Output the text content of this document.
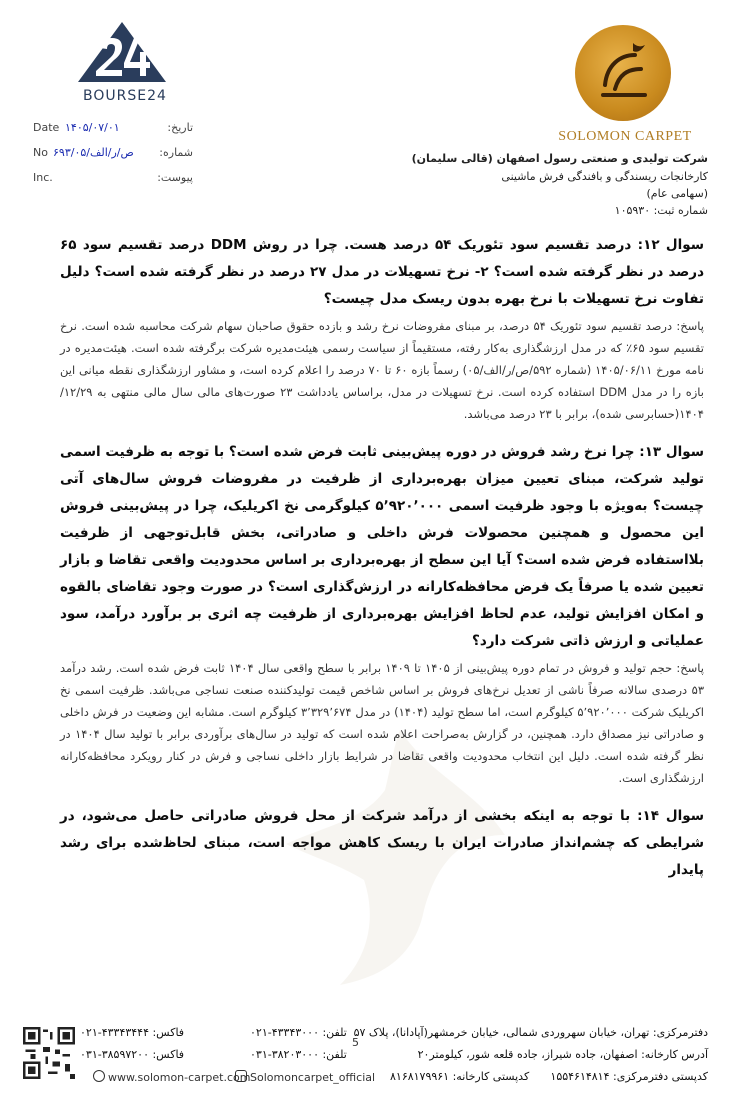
BOURSE24
Date ۱۴۰۵/۰۷/۰۱	تاریخ:
No ۶۹۳/ص/ر/الف/۰۵ شماره:
Inc.	پیوست:
SOLOMON CARPET
شرکت تولیدی و صنعتی رسول اصفهان (قالی سلیمان)
کارخانجات ریسندگی و بافندگی فرش ماشینی
(سهامی عام)
شماره ثبت: ۱۰۵۹۳۰

سوال ۱۲: درصد تقسیم سود تئوریک ۵۴ درصد هست. چرا در روش DDM درصد تقسیم سود ۶۵ درصد در نظر گرفته شده است؟ ۲- نرخ تسهیلات در مدل ۲۷ درصد در نظر گرفته شده است؟ دلیل تفاوت نرخ تسهیلات با نرخ بهره بدون ریسک مدل چیست؟

پاسخ: درصد تقسیم سود تئوریک ۵۴ درصد، بر مبنای مفروضات نرخ رشد و بازده حقوق صاحبان سهام شرکت محاسبه شده است. نرخ تقسیم سود ۶۵٪ که در مدل ارزشگذاری به‌کار رفته، مستقیماً از سیاست رسمی هیئت‌مدیره شرکت برگرفته شده است. هیئت‌مدیره در نامه مورخ ۱۴۰۵/۰۶/۱۱ (شماره ۵۹۲/ص/ر/الف/۰۵) رسماً بازه ۶۰ تا ۷۰ درصد را اعلام کرده است، و مشاور ارزشگذاری نقطه میانی این بازه را در مدل DDM استفاده کرده است. نرخ تسهیلات در مدل، براساس یادداشت ۲۳ صورت‌های مالی سال مالی منتهی به ۱۲/۲۹/ ۱۴۰۴(حسابرسی شده)، برابر با ۲۳ درصد می‌باشد.

سوال ۱۳: چرا نرخ رشد فروش در دوره پیش‌بینی ثابت فرض شده است؟ با توجه به ظرفیت اسمی تولید شرکت، مبنای تعیین میزان بهره‌برداری از ظرفیت در مفروضات فروش سال‌های آتی چیست؟ به‌ویژه با وجود ظرفیت اسمی ۵٬۹۲۰٬۰۰۰ کیلوگرمی نخ اکریلیک، چرا در پیش‌بینی فروش این محصول و همچنین محصولات فرش داخلی و صادراتی، بخش قابل‌توجهی از ظرفیت بلااستفاده فرض شده است؟ آیا این سطح از بهره‌برداری بر اساس محدودیت واقعی تقاضا و بازار تعیین شده یا صرفاً یک فرض محافظه‌کارانه در ارزش‌گذاری است؟ در صورت وجود تقاضای بالقوه و امکان افزایش تولید، عدم لحاظ افزایش بهره‌برداری از ظرفیت چه اثری بر برآورد درآمد، سود عملیاتی و ارزش ذاتی شرکت دارد؟

پاسخ: حجم تولید و فروش در تمام دوره پیش‌بینی از ۱۴۰۵ تا ۱۴۰۹ برابر با سطح واقعی سال ۱۴۰۴ ثابت فرض شده است. رشد درآمد ۵۳ درصدی سالانه صرفاً ناشی از تعدیل نرخ‌های فروش بر اساس شاخص قیمت تولیدکننده صنعت نساجی می‌باشد. ظرفیت اسمی نخ اکریلیک شرکت ۵٬۹۲۰٬۰۰۰ کیلوگرم است، اما سطح تولید (۱۴۰۴) در مدل ۳٬۳۲۹٬۶۷۴ کیلوگرم است. مشابه این وضعیت در فرش داخلی و صادراتی نیز مصداق دارد. همچنین، در گزارش به‌صراحت اعلام شده است که تولید در سال‌های برآوردی برابر با تولید سال ۱۴۰۴ در نظر گرفته شده است. دلیل این انتخاب محدودیت واقعی تقاضا در شرایط بازار داخلی نساجی و فرش در کنار رویکرد محافظه‌کارانه ارزشگذاری است.

سوال ۱۴: با توجه به اینکه بخشی از درآمد شرکت از محل فروش صادراتی حاصل می‌شود، در شرایطی که چشم‌انداز صادرات ایران با ریسک کاهش مواجه است، مبنای لحاظ‌شده برای رشد پایدار

دفترمرکزی: تهران، خیابان سهروردی شمالی، خیابان خرمشهر(آپادانا)، پلاک ۵۷
تلفن: ۴۳۳۴۳۰۰۰-۰۲۱
فاکس: ۴۳۳۴۳۴۴۴-۰۲۱
5
آدرس کارخانه: اصفهان، جاده شیراز، جاده قلعه شور، کیلومتر۲۰
تلفن: ۳۸۲۰۳۰۰۰-۰۳۱
فاکس: ۳۸۵۹۷۲۰۰-۰۳۱
کدپستی دفترمرکزی: ۱۵۵۴۶۱۴۸۱۴
کدپستی کارخانه: ۸۱۶۸۱۷۹۹۶۱
Solomoncarpet_official
www.solomon-carpet.com
